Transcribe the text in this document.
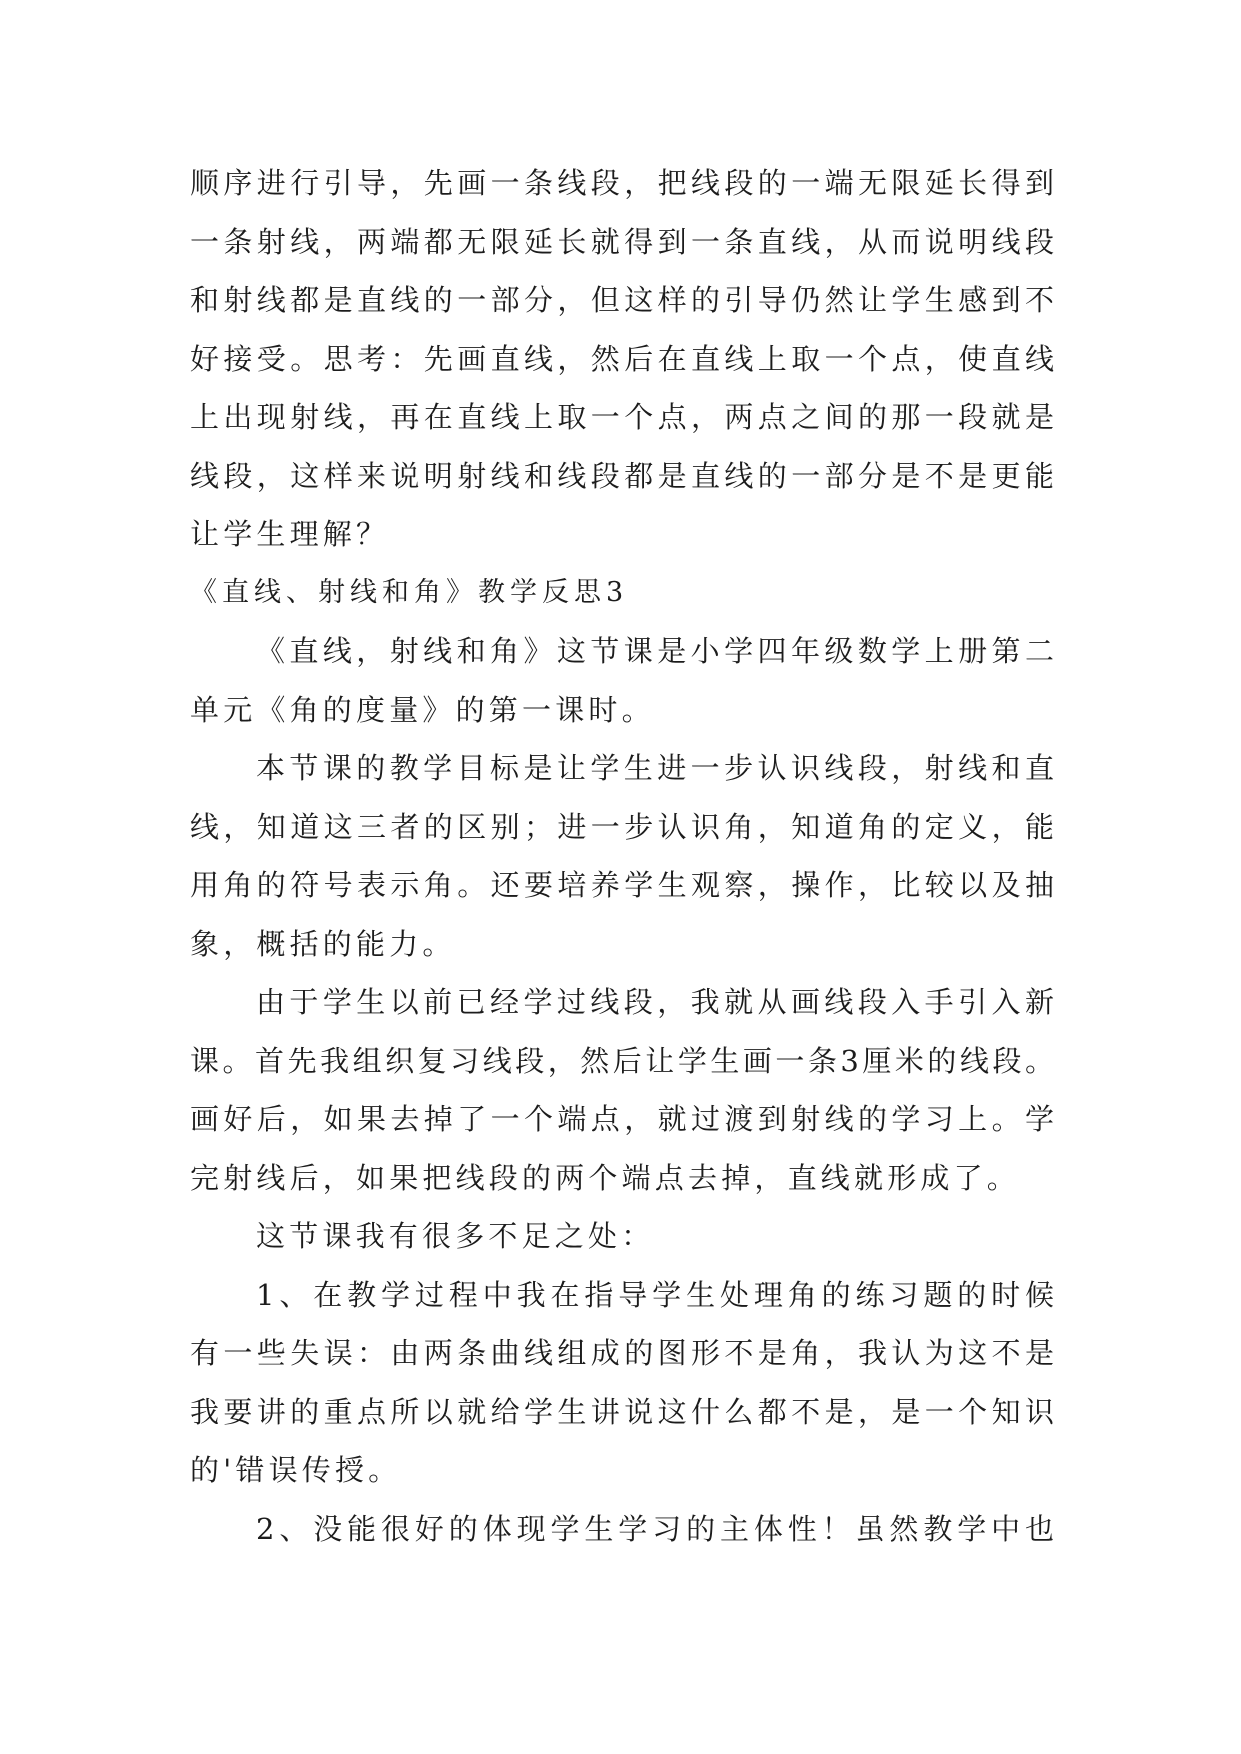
顺序进行引导，先画一条线段，把线段的一端无限延长得到
一条射线，两端都无限延长就得到一条直线，从而说明线段
和射线都是直线的一部分，但这样的引导仍然让学生感到不
好接受。思考：先画直线，然后在直线上取一个点，使直线
上出现射线，再在直线上取一个点，两点之间的那一段就是
线段，这样来说明射线和线段都是直线的一部分是不是更能
让学生理解？
《直线、射线和角》教学反思3
《直线，射线和角》这节课是小学四年级数学上册第二
单元《角的度量》的第一课时。
本节课的教学目标是让学生进一步认识线段，射线和直
线，知道这三者的区别；进一步认识角，知道角的定义，能
用角的符号表示角。还要培养学生观察，操作，比较以及抽
象，概括的能力。
由于学生以前已经学过线段，我就从画线段入手引入新
课。首先我组织复习线段，然后让学生画一条3厘米的线段。
画好后，如果去掉了一个端点，就过渡到射线的学习上。学
完射线后，如果把线段的两个端点去掉，直线就形成了。
这节课我有很多不足之处：
1、在教学过程中我在指导学生处理角的练习题的时候
有一些失误：由两条曲线组成的图形不是角，我认为这不是
我要讲的重点所以就给学生讲说这什么都不是，是一个知识
的'错误传授。
2、没能很好的体现学生学习的主体性！虽然教学中也
